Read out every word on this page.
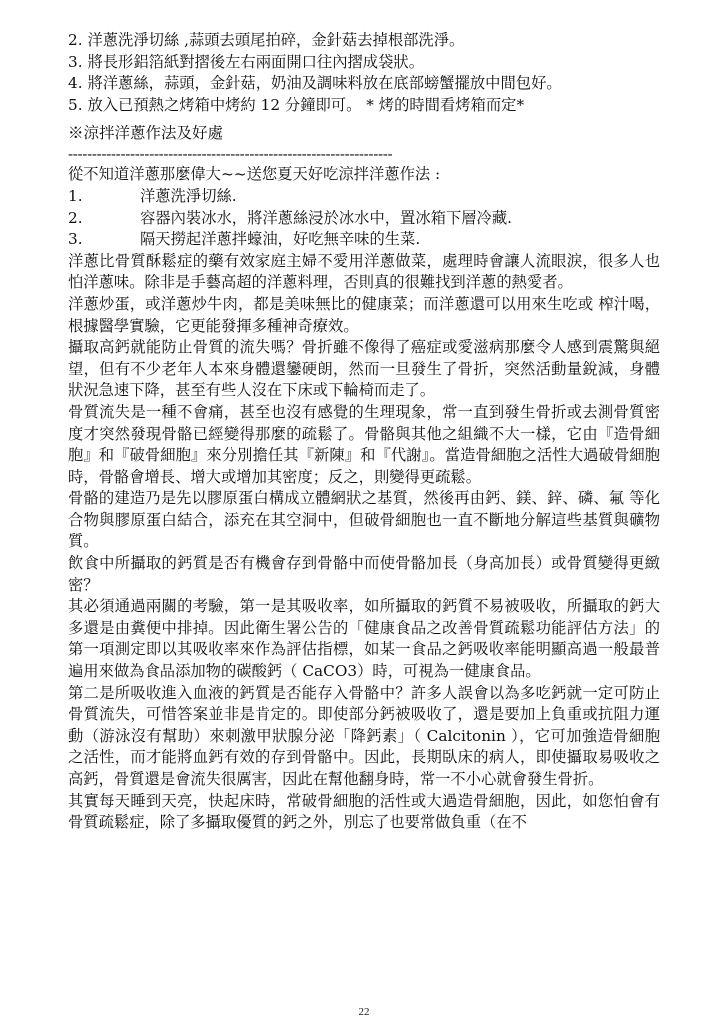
2. 洋蔥洗淨切絲 ,蒜頭去頭尾拍碎，金針菇去掉根部洗淨。
3. 將長形鋁箔紙對摺後左右兩面開口往內摺成袋狀。
4. 將洋蔥絲，蒜頭，金針菇，奶油及調味料放在底部螃蟹擺放中間包好。
5. 放入已預熱之烤箱中烤約 12 分鐘即可。 * 烤的時間看烤箱而定*
※涼拌洋蔥作法及好處
--------------------------------------------------------------------
從不知道洋蔥那麼偉大~~送您夏天好吃涼拌洋蔥作法 :
1.	洋蔥洗淨切絲.
2.	容器內裝冰水，將洋蔥絲浸於冰水中，置冰箱下層冷藏.
3.	隔天撈起洋蔥拌蠔油，好吃無辛味的生菜.

洋蔥比骨質酥鬆症的藥有效家庭主婦不愛用洋蔥做菜，處理時會讓人流眼淚，很多人也怕洋蔥味。除非是手藝高超的洋蔥料理，否則真的很難找到洋蔥的熱愛者。

洋蔥炒蛋，或洋蔥炒牛肉，都是美味無比的健康菜；而洋蔥還可以用來生吃或 榨汁喝，根據醫學實驗，它更能發揮多種神奇療效。

攝取高鈣就能防止骨質的流失嗎？骨折雖不像得了癌症或愛滋病那麼令人感到震驚與絕望，但有不少老年人本來身體還鑾硬朗，然而一旦發生了骨折，突然活動量銳減，身體狀況急速下降，甚至有些人沒在下床或下輪椅而走了。

骨質流失是一種不會痛，甚至也沒有感覺的生理現象，常一直到發生骨折或去測骨質密度才突然發現骨骼已經變得那麼的疏鬆了。骨骼與其他之組織不大一樣，它由『造骨細胞』和『破骨細胞』來分別擔任其『新陳』和『代謝』。當造骨細胞之活性大過破骨細胞時，骨骼會增長、增大或增加其密度；反之，則變得更疏鬆。

骨骼的建造乃是先以膠原蛋白構成立體網狀之基質，然後再由鈣、鎂、鋅、磷、氟 等化合物與膠原蛋白結合，添充在其空洞中，但破骨細胞也一直不斷地分解這些基質與礦物質。

飲食中所攝取的鈣質是否有機會存到骨骼中而使骨骼加長（身高加長）或骨質變得更緻密？

其必須通過兩關的考驗，第一是其吸收率，如所攝取的鈣質不易被吸收，所攝取的鈣大多還是由糞便中排掉。因此衛生署公告的「健康食品之改善骨質疏鬆功能評估方法」的第一項測定即以其吸收率來作為評估指標，如某一食品之鈣吸收率能明顯高過一般最普遍用來做為食品添加物的碳酸鈣（ CaCO3）時，可視為一健康食品。

第二是所吸收進入血液的鈣質是否能存入骨骼中？許多人誤會以為多吃鈣就一定可防止骨質流失，可惜答案並非是肯定的。即使部分鈣被吸收了，還是要加上負重或抗阻力運動（游泳沒有幫助）來刺激甲狀腺分泌「降鈣素」（ Calcitonin ），它可加強造骨細胞之活性，而才能將血鈣有效的存到骨骼中。因此，長期臥床的病人，即使攝取易吸收之高鈣，骨質還是會流失很厲害，因此在幫他翻身時，常一不小心就會發生骨折。

其實每天睡到天亮，快起床時，常破骨細胞的活性或大過造骨細胞，因此，如您怕會有骨質疏鬆症，除了多攝取優質的鈣之外，別忘了也要常做負重（在不

22
